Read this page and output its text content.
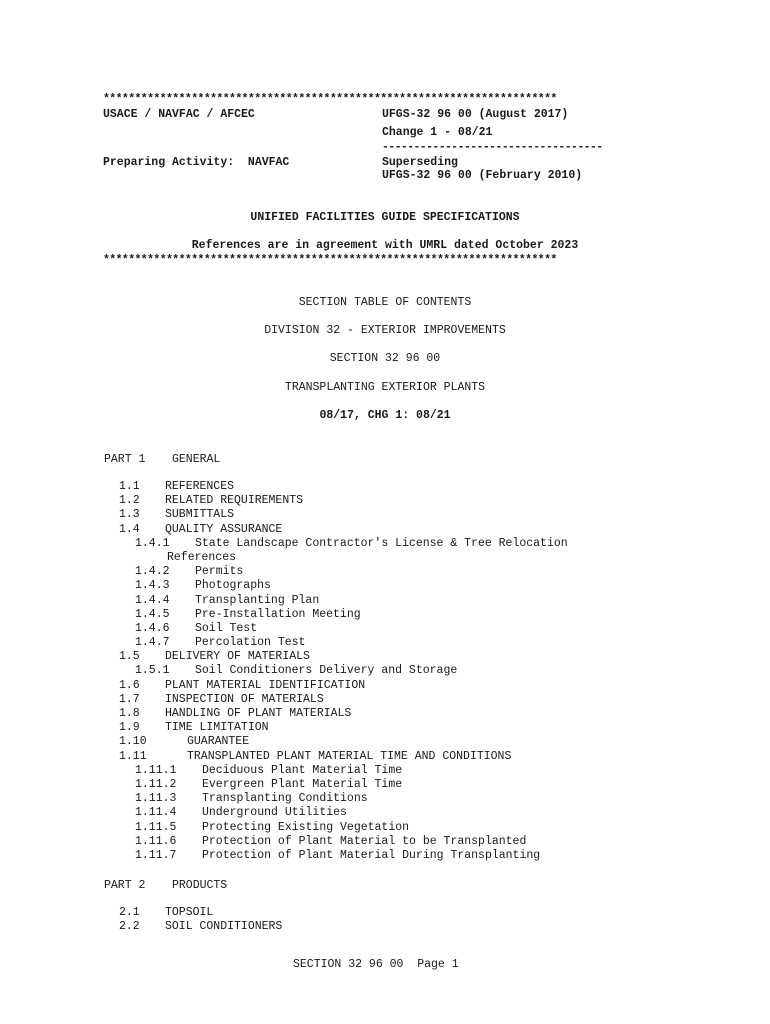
************************************************************************
USACE / NAVFAC / AFCEC	UFGS-32 96 00 (August 2017)
Change 1 - 08/21
-----------------------------------
Preparing Activity:  NAVFAC	Superseding
UFGS-32 96 00 (February 2010)
UNIFIED FACILITIES GUIDE SPECIFICATIONS
References are in agreement with UMRL dated October 2023
************************************************************************
SECTION TABLE OF CONTENTS
DIVISION 32 - EXTERIOR IMPROVEMENTS
SECTION 32 96 00
TRANSPLANTING EXTERIOR PLANTS
08/17, CHG 1: 08/21
PART 1 GENERAL
1.1	REFERENCES
1.2	RELATED REQUIREMENTS
1.3	SUBMITTALS
1.4	QUALITY ASSURANCE
1.4.1	State Landscape Contractor's License & Tree Relocation
References
1.4.2	Permits
1.4.3	Photographs
1.4.4	Transplanting Plan
1.4.5	Pre-Installation Meeting
1.4.6	Soil Test
1.4.7	Percolation Test
1.5	DELIVERY OF MATERIALS
1.5.1	Soil Conditioners Delivery and Storage
1.6	PLANT MATERIAL IDENTIFICATION
1.7	INSPECTION OF MATERIALS
1.8	HANDLING OF PLANT MATERIALS
1.9	TIME LIMITATION
1.10	GUARANTEE
1.11	TRANSPLANTED PLANT MATERIAL TIME AND CONDITIONS
1.11.1	Deciduous Plant Material Time
1.11.2	Evergreen Plant Material Time
1.11.3	Transplanting Conditions
1.11.4	Underground Utilities
1.11.5	Protecting Existing Vegetation
1.11.6	Protection of Plant Material to be Transplanted
1.11.7	Protection of Plant Material During Transplanting
PART 2 PRODUCTS
2.1	TOPSOIL
2.2	SOIL CONDITIONERS
SECTION 32 96 00  Page 1
